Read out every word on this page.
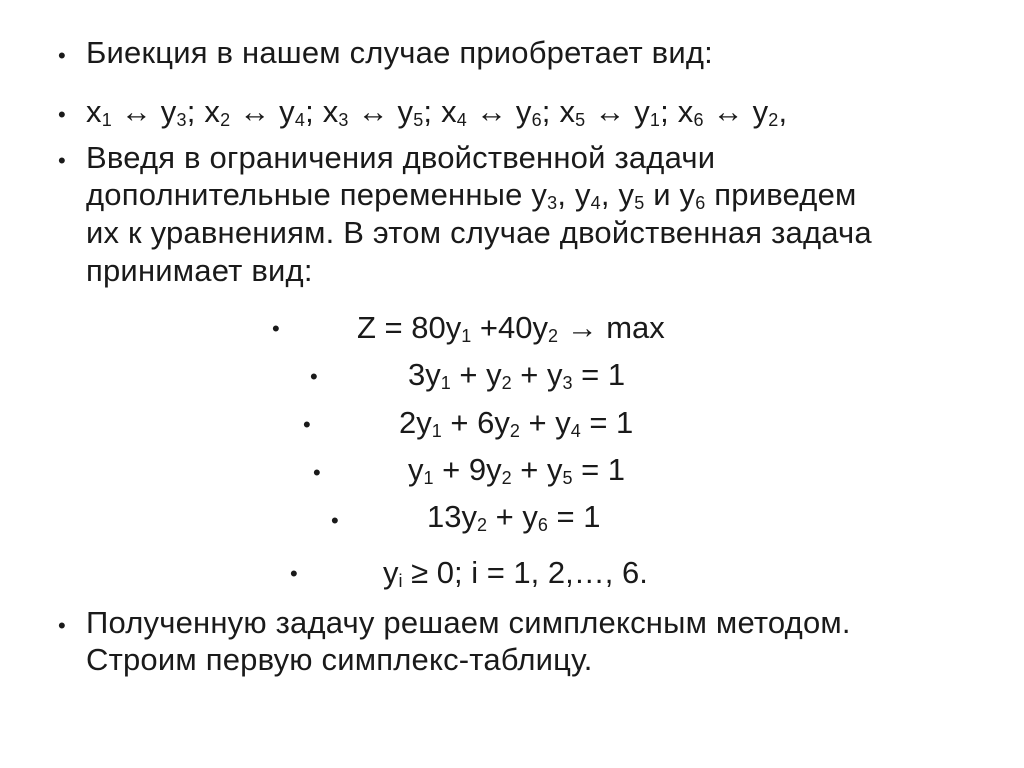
• Биекция в нашем случае приобретает вид:
• $x_1$ ↔ $y_3$; $x_2$ ↔ $y_4$; $x_3$ ↔ $y_5$; $x_4$ ↔ $y_6$; $x_5$ ↔ $y_1$; $x_6$ ↔ $y_2$,
• Введя в ограничения двойственной задачи
дополнительные переменные $y_3$, $y_4$, $y_5$ и $y_6$ приведем
их к уравнениям. В этом случае двойственная задача
принимает вид:
• $Z = 80y_1 +40y_2 \to \max$
•	$3y_1 + y_2 + y_3 = 1$
•	$2y_1 + 6y_2 + y_4 = 1$
•	$y_1 + 9y_2 + y_5 = 1$
•	$13y_2 + y_6 = 1$
•	$y_i \ge 0$; i = 1, 2,…, 6.
• Полученную задачу решаем симплексным методом.
Строим первую симплекс-таблицу.
